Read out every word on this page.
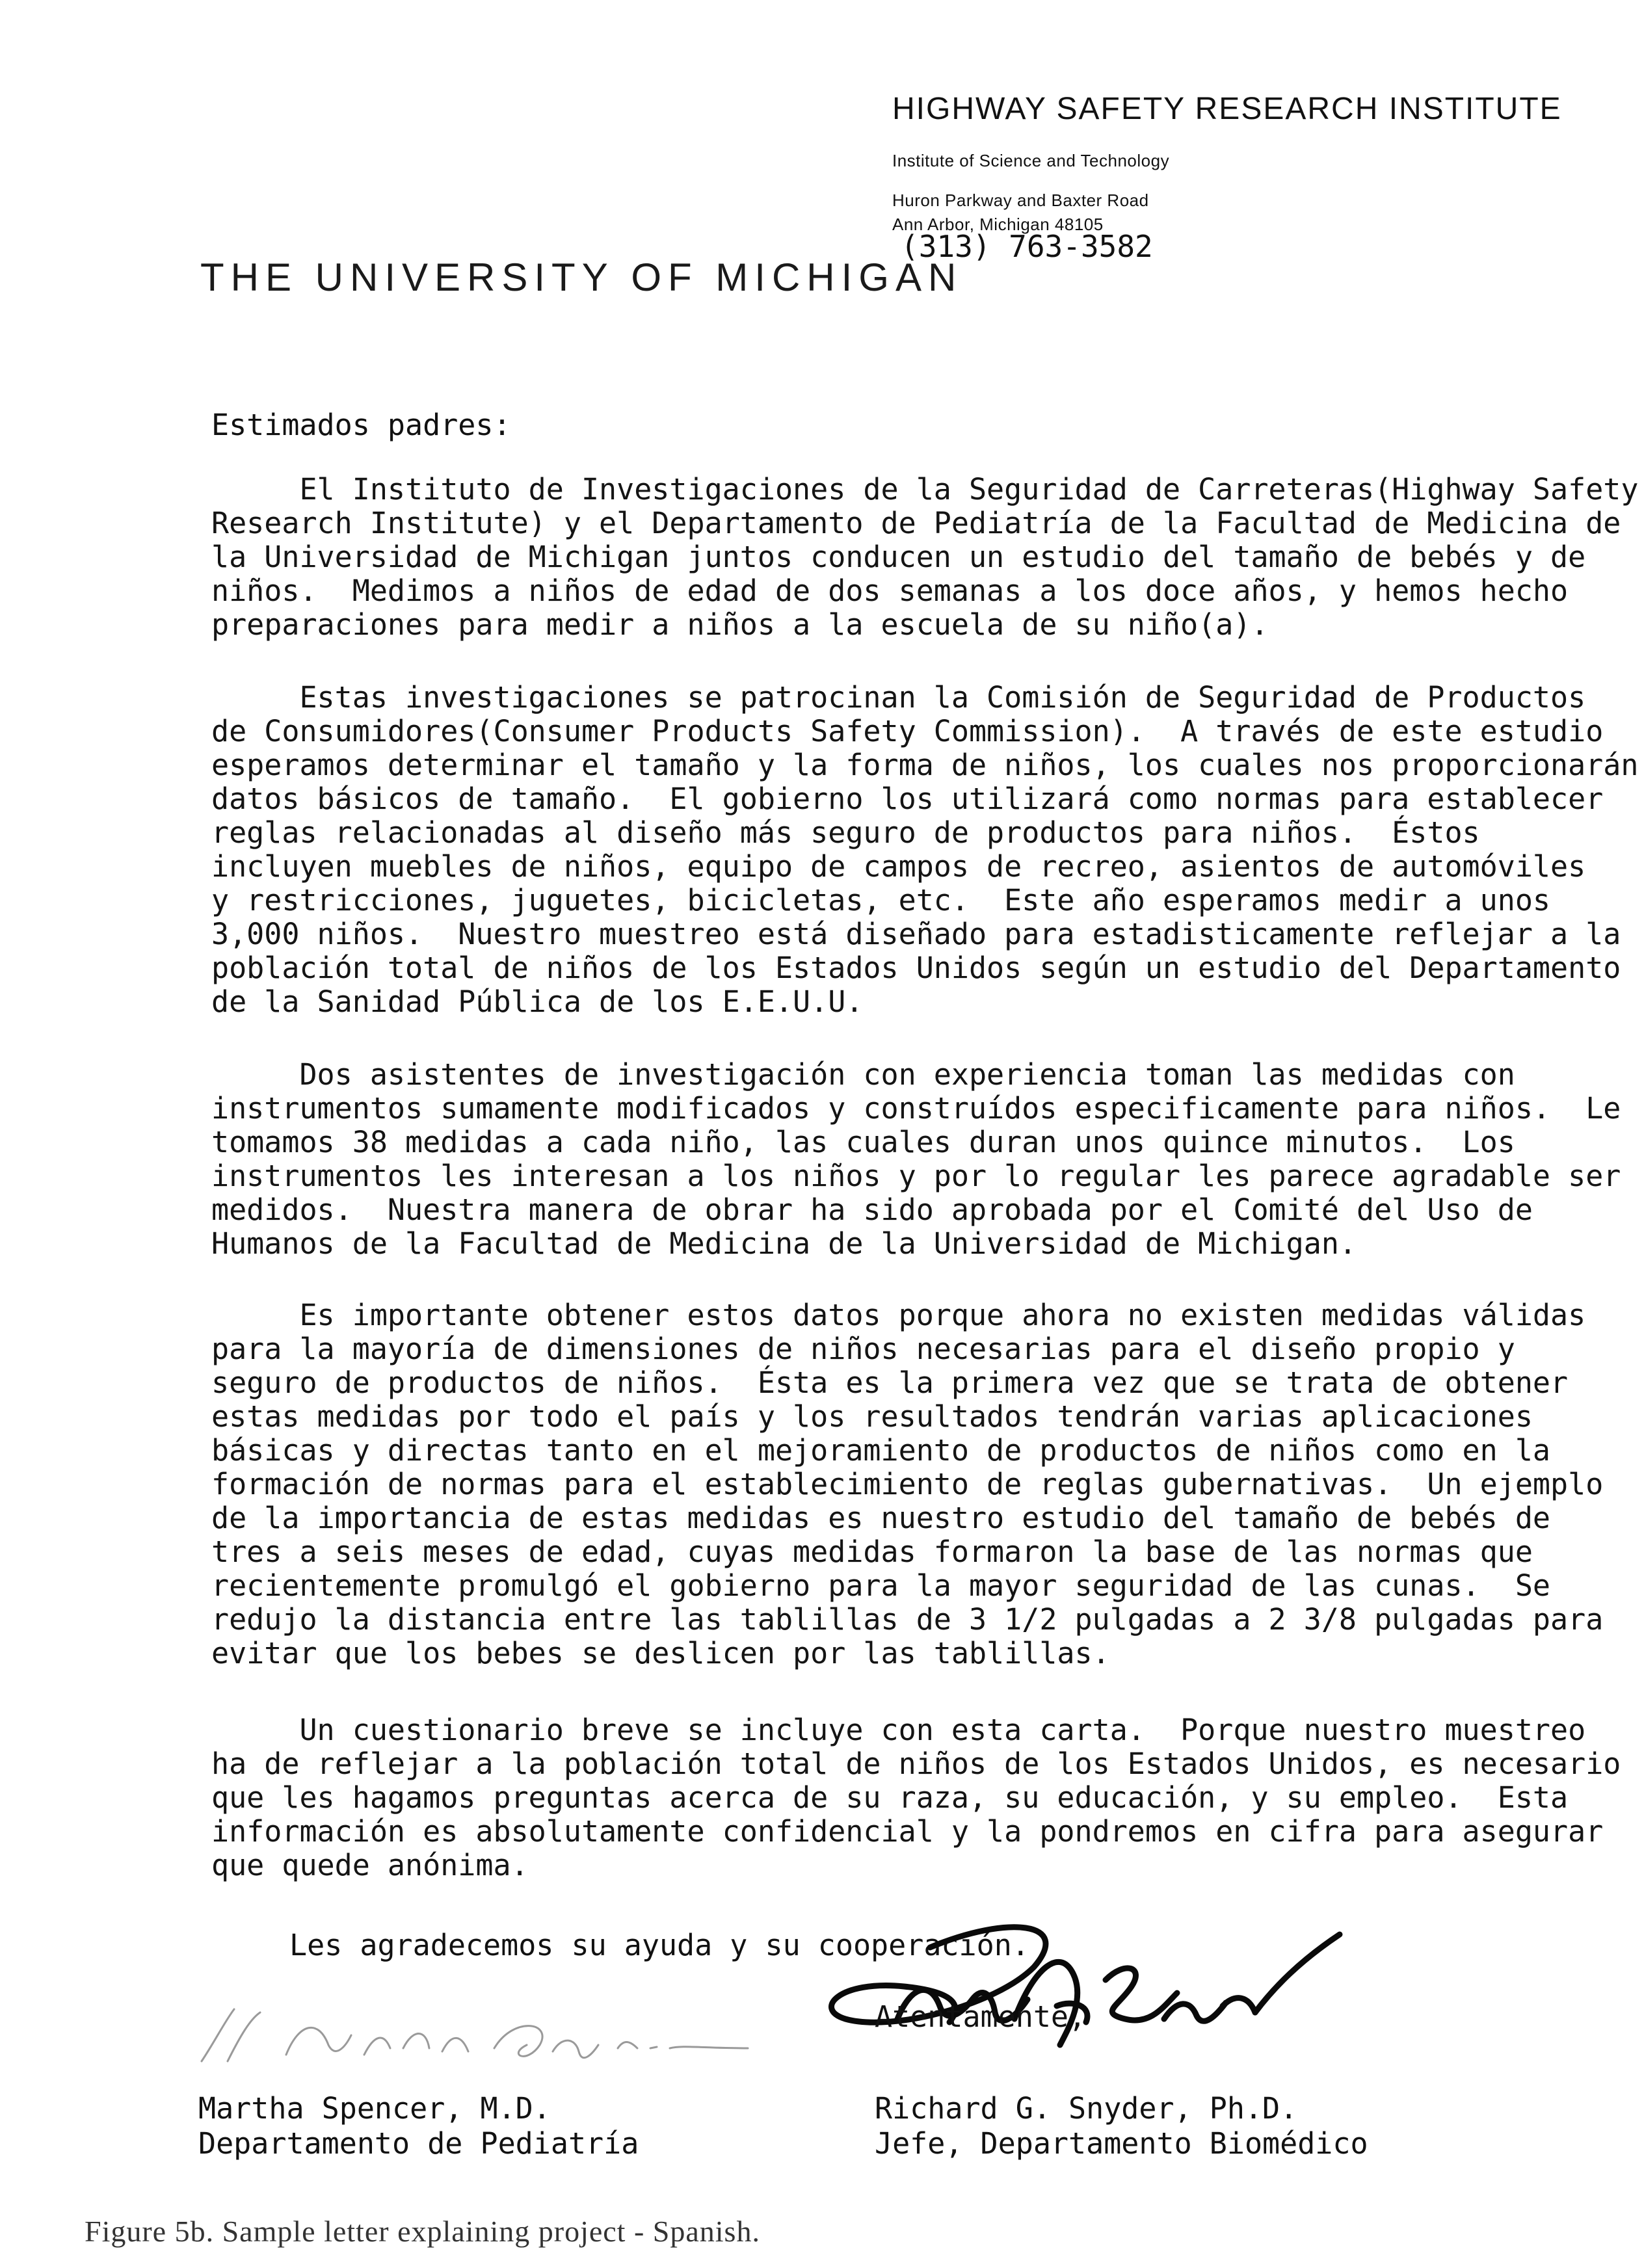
HIGHWAY SAFETY RESEARCH INSTITUTE
Institute of Science and Technology
Huron Parkway and Baxter Road
Ann Arbor, Michigan 48105
(313) 763-3582
THE UNIVERSITY OF MICHIGAN
Estimados padres:
El Instituto de Investigaciones de la Seguridad de Carreteras(Highway Safety
Research Institute) y el Departamento de Pediatría de la Facultad de Medicina de
la Universidad de Michigan juntos conducen un estudio del tamaño de bebés y de
niños.  Medimos a niños de edad de dos semanas a los doce años, y hemos hecho
preparaciones para medir a niños a la escuela de su niño(a).
Estas investigaciones se patrocinan la Comisión de Seguridad de Productos
de Consumidores(Consumer Products Safety Commission).  A través de este estudio
esperamos determinar el tamaño y la forma de niños, los cuales nos proporcionarán
datos básicos de tamaño.  El gobierno los utilizará como normas para establecer
reglas relacionadas al diseño más seguro de productos para niños.  Éstos
incluyen muebles de niños, equipo de campos de recreo, asientos de automóviles
y restricciones, juguetes, bicicletas, etc.  Este año esperamos medir a unos
3,000 niños.  Nuestro muestreo está diseñado para estadisticamente reflejar a la
población total de niños de los Estados Unidos según un estudio del Departamento
de la Sanidad Pública de los E.E.U.U.
Dos asistentes de investigación con experiencia toman las medidas con
instrumentos sumamente modificados y construídos especificamente para niños.  Le
tomamos 38 medidas a cada niño, las cuales duran unos quince minutos.  Los
instrumentos les interesan a los niños y por lo regular les parece agradable ser
medidos.  Nuestra manera de obrar ha sido aprobada por el Comité del Uso de
Humanos de la Facultad de Medicina de la Universidad de Michigan.
Es importante obtener estos datos porque ahora no existen medidas válidas
para la mayoría de dimensiones de niños necesarias para el diseño propio y
seguro de productos de niños.  Ésta es la primera vez que se trata de obtener
estas medidas por todo el país y los resultados tendrán varias aplicaciones
básicas y directas tanto en el mejoramiento de productos de niños como en la
formación de normas para el establecimiento de reglas gubernativas.  Un ejemplo
de la importancia de estas medidas es nuestro estudio del tamaño de bebés de
tres a seis meses de edad, cuyas medidas formaron la base de las normas que
recientemente promulgó el gobierno para la mayor seguridad de las cunas.  Se
redujo la distancia entre las tablillas de 3 1/2 pulgadas a 2 3/8 pulgadas para
evitar que los bebes se deslicen por las tablillas.
Un cuestionario breve se incluye con esta carta.  Porque nuestro muestreo
ha de reflejar a la población total de niños de los Estados Unidos, es necesario
que les hagamos preguntas acerca de su raza, su educación, y su empleo.  Esta
información es absolutamente confidencial y la pondremos en cifra para asegurar
que quede anónima.
Les agradecemos su ayuda y su cooperación.
Atentamente,
Martha Spencer, M.D.
Departamento de Pediatría
Richard G. Snyder, Ph.D.
Jefe, Departamento Biomédico
Figure 5b. Sample letter explaining project - Spanish.
